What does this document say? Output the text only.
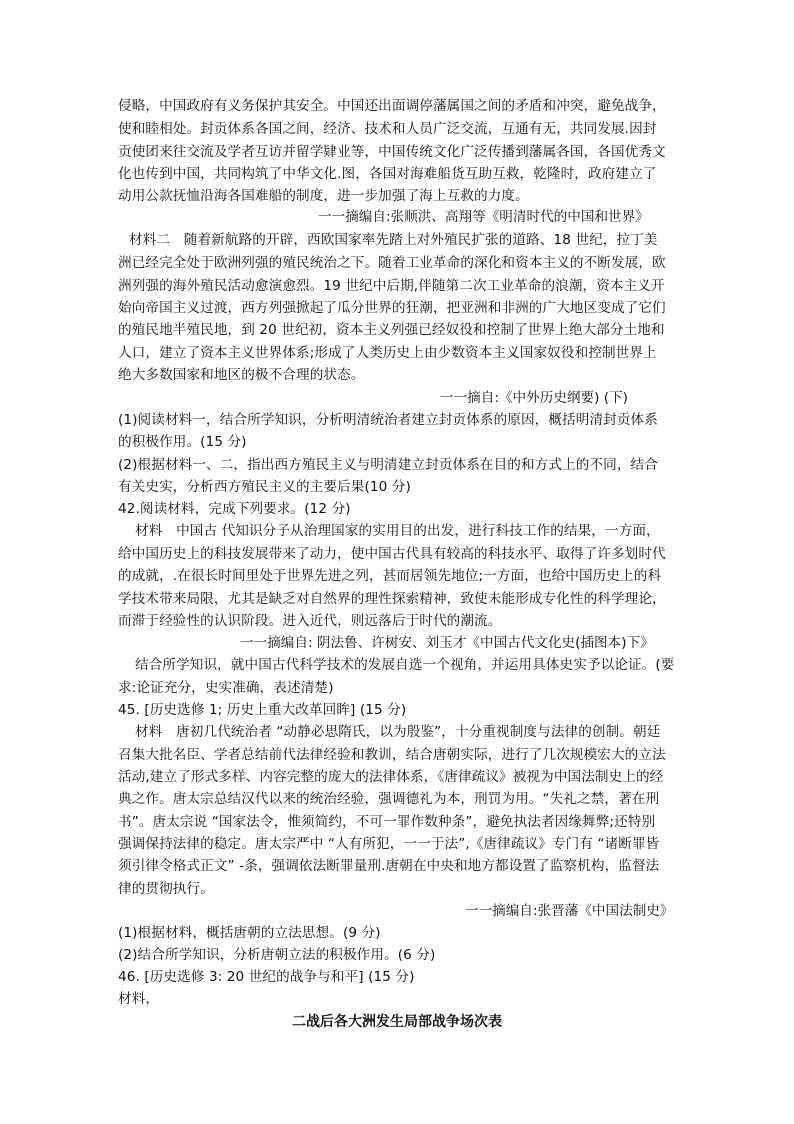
侵略，中国政府有义务保护其安全。中国还出面调停藩属国之间的矛盾和冲突，避免战争，
使和睦相处。封贡体系各国之间，经济、技术和人员广泛交流，互通有无，共同发展.因封
贡使团来往交流及学者互访并留学肄业等，中国传统文化广泛传播到藩属各国，各国优秀文
化也传到中国，共同构筑了中华文化.图，各国对海难船货互助互救，乾隆时，政府建立了
动用公款抚恤沿海各国难船的制度，进一步加强了海上互救的力度。
一一摘编自:张顺洪、高翔等《明清时代的中国和世界》
材料二　随着新航路的开辟，西欧国家率先踏上对外殖民扩张的道路、18 世纪，拉丁美
洲已经完全处于欧洲列强的殖民统治之下。随着工业革命的深化和资本主义的不断发展，欧
洲列强的海外殖民活动愈演愈烈。19 世纪中后期,伴随第二次工业革命的浪潮，资本主义开
始向帝国主义过渡，西方列强掀起了瓜分世界的狂潮，把亚洲和非洲的广大地区变成了它们
的殖民地半殖民地，到 20 世纪初，资本主义列强已经奴役和控制了世界上绝大部分土地和
人口，建立了资本主义世界体系;形成了人类历史上由少数资本主义国家奴役和控制世界上
绝大多数国家和地区的极不合理的状态。
一一摘自:《中外历史纲要) (下)
(1)阅读材料一，结合所学知识，分析明清统治者建立封贡体系的原因，概括明清封贡体系
的积极作用。(15 分)
(2)根据材料一、二，指出西方殖民主义与明清建立封贡体系在目的和方式上的不同，结合
有关史实，分析西方殖民主义的主要后果(10 分)
42.阅读材料，完成下列要求。(12 分)
材料　中国古 代知识分子从治理国家的实用目的出发，进行科技工作的结果，一方面，
给中国历史上的科技发展带来了动力，使中国古代具有较高的科技水平、取得了许多划时代
的成就，.在很长时间里处于世界先进之列，甚而居领先地位;一方面，也给中国历史上的科
学技术带来局限，尤其是缺乏对自然界的理性探索精神，致使未能形成专化性的科学理论，
而滞于经验性的认识阶段。进入近代，则远落后于时代的潮流。
一一摘编自: 阴法鲁、许树安、刘玉才《中国古代文化史(插图本)下》
结合所学知识，就中国古代科学技术的发展自选一个视角，并运用具体史实予以论证。(要
求:论证充分，史实准确，表述清楚)
45. [历史选修 1; 历史上重大改革回眸] (15 分)
材料　唐初几代统治者 “动静必思隋氏，以为殷鉴”，十分重视制度与法律的创制。朝廷
召集大批名臣、学者总结前代法律经验和教训，结合唐朝实际，进行了几次规模宏大的立法
活动,建立了形式多样、内容完整的庞大的法律体系，《唐律疏议》被视为中国法制史上的经
典之作。唐太宗总结汉代以来的统治经验，强调德礼为本，刑罚为用。“失礼之禁，著在刑
书”。唐太宗说 “国家法令，惟须简约，不可一罪作数种条”，避免执法者因缘舞弊;还特别
强调保持法律的稳定。唐太宗严中 “人有所犯，一一于法”,《唐律疏议》专门有 “诸断罪皆
须引律令格式正文” -条，强调依法断罪量刑.唐朝在中央和地方都设置了监察机构，监督法
律的贯彻执行。
一一摘编自:张晋藩《中国法制史》
(1)根据材料，概括唐朝的立法思想。(9 分)
(2)结合所学知识，分析唐朝立法的积极作用。(6 分)
46. [历史选修 3: 20 世纪的战争与和平] (15 分)
材料，
二战后各大洲发生局部战争场次表
